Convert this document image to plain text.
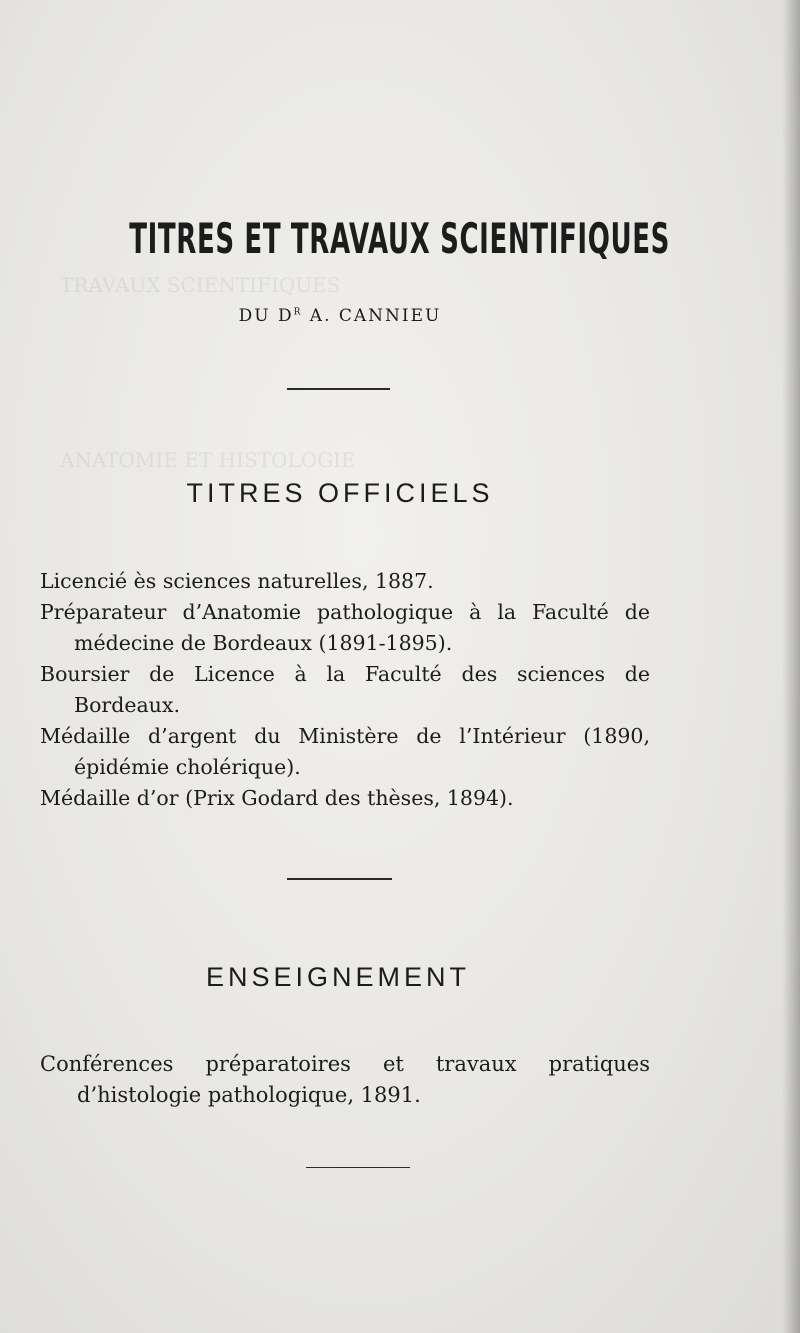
TRAVAUX SCIENTIFIQUES
ANATOMIE ET HISTOLOGIE
TITRES ET TRAVAUX SCIENTIFIQUES
DU $D^R$ A. CANNIEU
TITRES OFFICIELS
Licencié ès sciences naturelles, 1887.
Préparateur d’Anatomie pathologique à la Faculté de médecine de Bordeaux (1891-1895).
Boursier de Licence à la Faculté des sciences de Bordeaux.
Médaille d’argent du Ministère de l’Intérieur (1890, épidémie cholérique).
Médaille d’or (Prix Godard des thèses, 1894).
ENSEIGNEMENT
Conférences préparatoires et travaux pratiques d’histologie pathologique, 1891.
